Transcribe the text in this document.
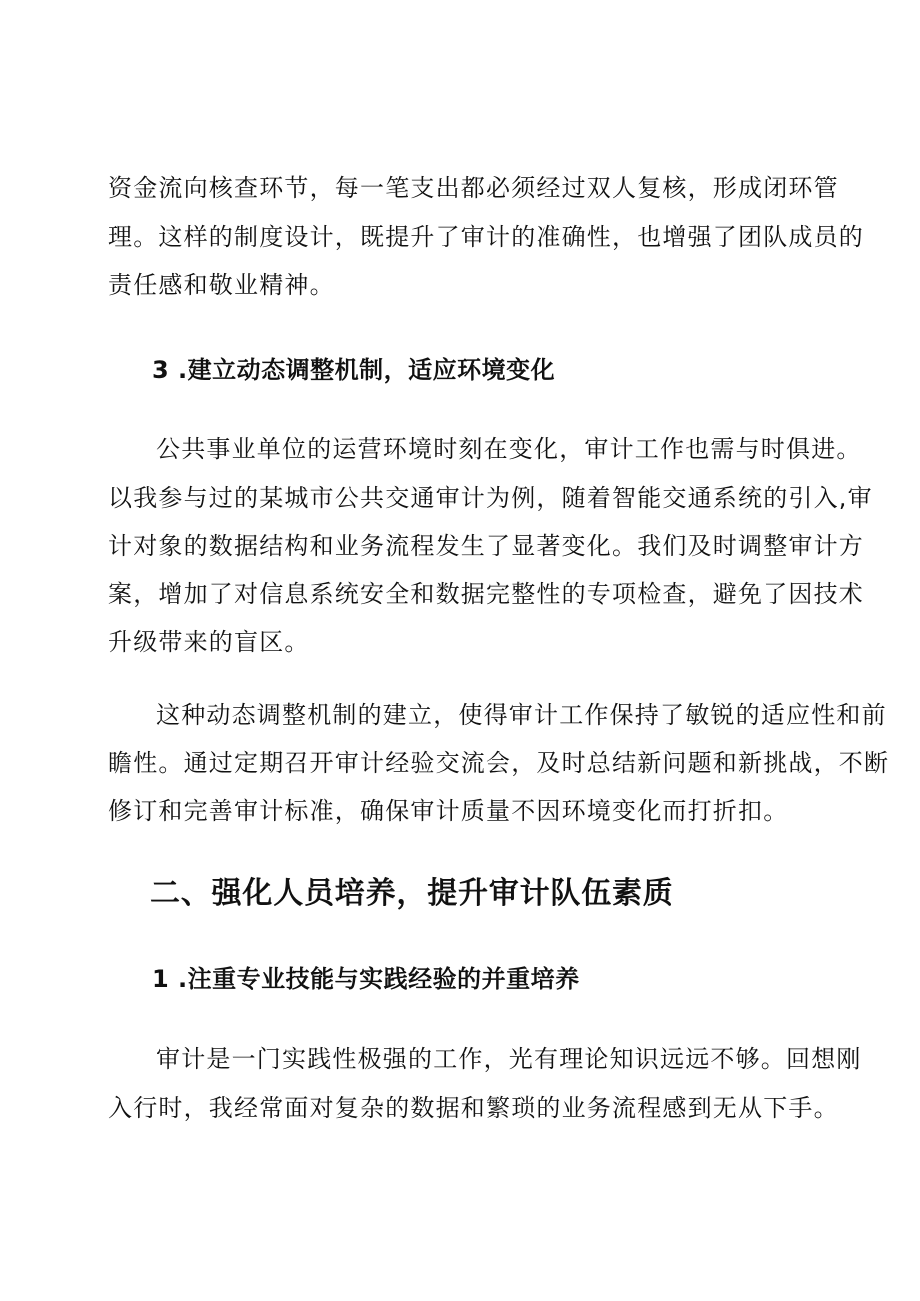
资金流向核查环节，每一笔支出都必须经过双人复核，形成闭环管
理。这样的制度设计，既提升了审计的准确性，也增强了团队成员的
责任感和敬业精神。
3 .建立动态调整机制，适应环境变化
公共事业单位的运营环境时刻在变化，审计工作也需与时俱进。
以我参与过的某城市公共交通审计为例，随着智能交通系统的引入,审
计对象的数据结构和业务流程发生了显著变化。我们及时调整审计方
案，增加了对信息系统安全和数据完整性的专项检查，避免了因技术
升级带来的盲区。
这种动态调整机制的建立，使得审计工作保持了敏锐的适应性和前
瞻性。通过定期召开审计经验交流会，及时总结新问题和新挑战，不断
修订和完善审计标准，确保审计质量不因环境变化而打折扣。
二、强化人员培养，提升审计队伍素质
1 .注重专业技能与实践经验的并重培养
审计是一门实践性极强的工作，光有理论知识远远不够。回想刚
入行时，我经常面对复杂的数据和繁琐的业务流程感到无从下手。
